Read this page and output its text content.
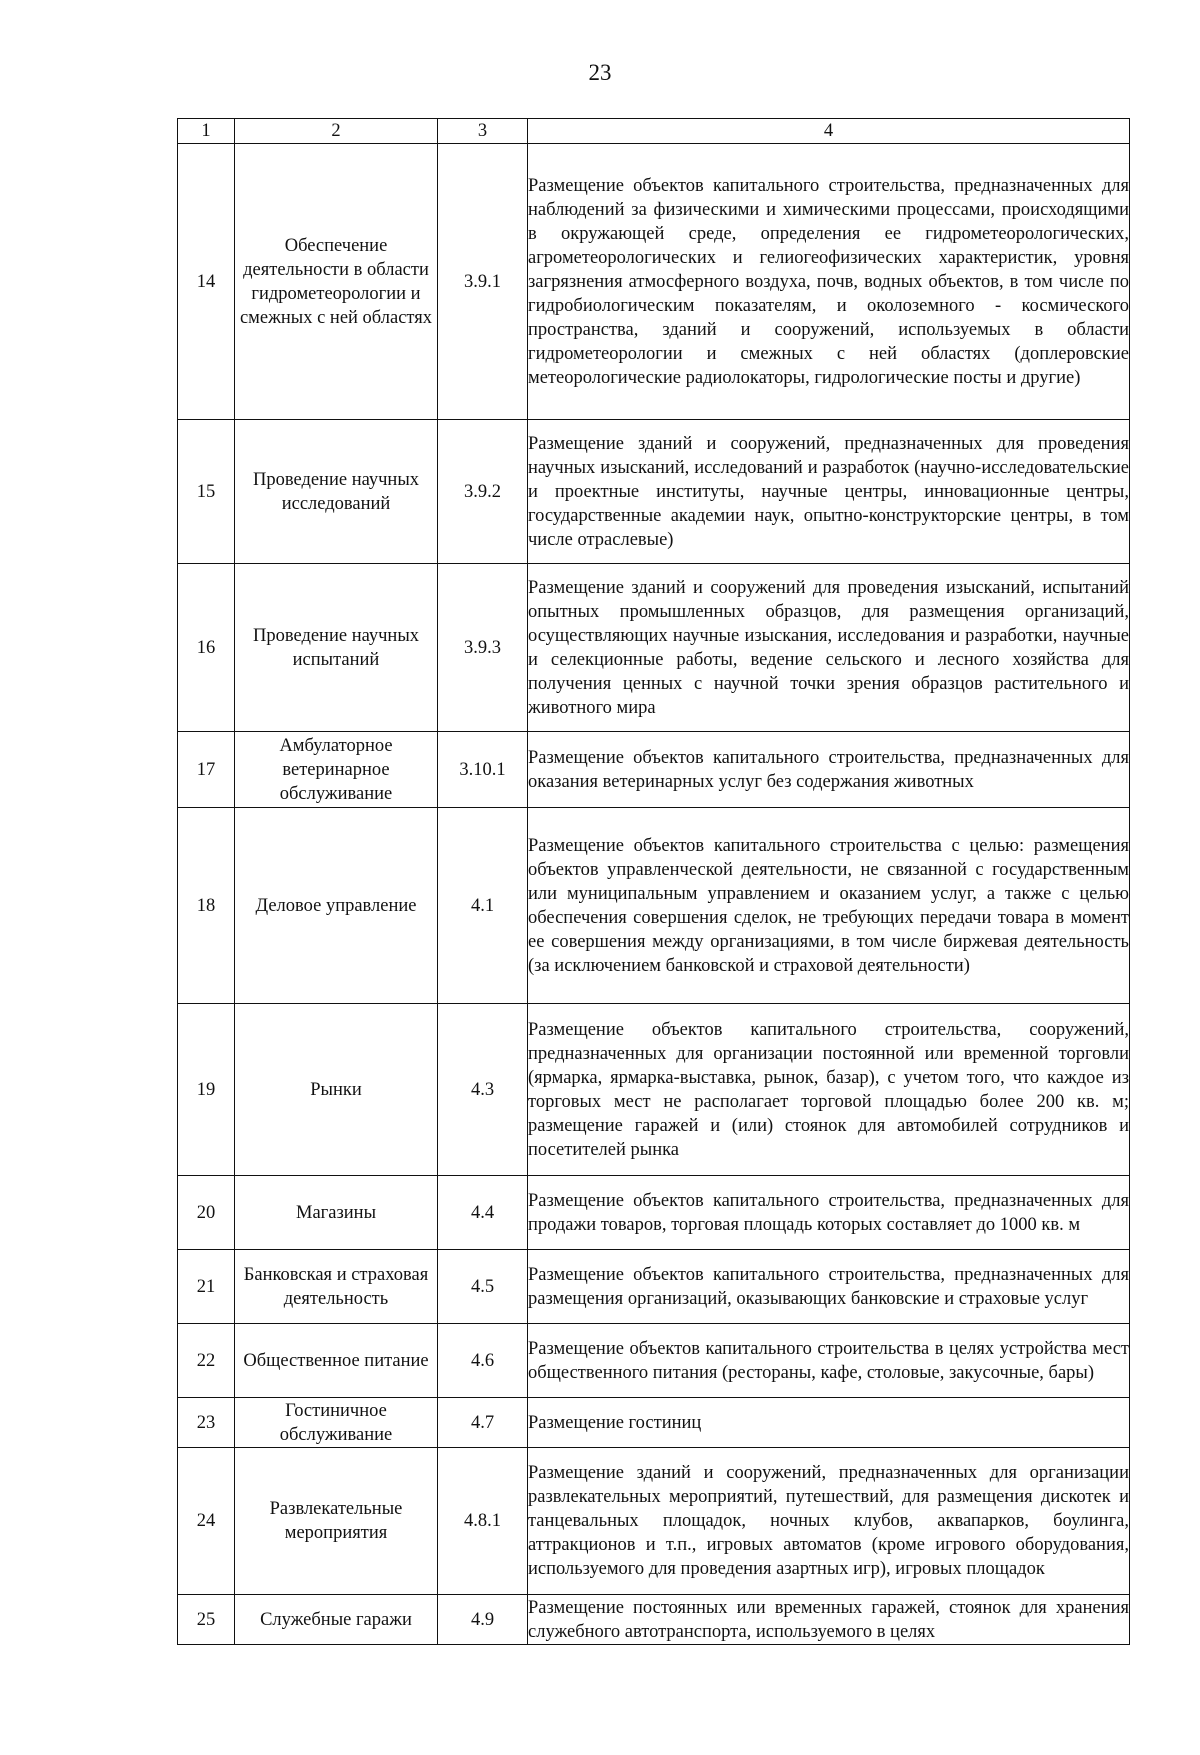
23
1	2	3	4
14	Обеспечение деятельности в области гидрометеорологии и смежных с ней областях	3.9.1	Размещение объектов капитального строительства, предназначенных для наблюдений за физическими и химическими процессами, происходящими в окружающей среде, определения ее гидрометеорологических, агрометеорологических и гелиогеофизических характеристик, уровня загрязнения атмосферного воздуха, почв, водных объектов, в том числе по гидробиологическим показателям, и околоземного - космического пространства, зданий и сооружений, используемых в области гидрометеорологии и смежных с ней областях (доплеровские метеорологические радиолокаторы, гидрологические посты и другие)
15	Проведение научных исследований	3.9.2	Размещение зданий и сооружений, предназначенных для проведения научных изысканий, исследований и разработок (научно-исследовательские и проектные институты, научные центры, инновационные центры, государственные академии наук, опытно-конструкторские центры, в том числе отраслевые)
16	Проведение научных испытаний	3.9.3	Размещение зданий и сооружений для проведения изысканий, испытаний опытных промышленных образцов, для размещения организаций, осуществляющих научные изыскания, исследования и разработки, научные и селекционные работы, ведение сельского и лесного хозяйства для получения ценных с научной точки зрения образцов растительного и животного мира
17	Амбулаторное ветеринарное обслуживание	3.10.1	Размещение объектов капитального строительства, предназначенных для оказания ветеринарных услуг без содержания животных
18	Деловое управление	4.1	Размещение объектов капитального строительства с целью: размещения объектов управленческой деятельности, не связанной с государственным или муниципальным управлением и оказанием услуг, а также с целью обеспечения совершения сделок, не требующих передачи товара в момент ее совершения между организациями, в том числе биржевая деятельность (за исключением банковской и страховой деятельности)
19	Рынки	4.3	Размещение объектов капитального строительства, сооружений, предназначенных для организации постоянной или временной торговли (ярмарка, ярмарка-выставка, рынок, базар), с учетом того, что каждое из торговых мест не располагает торговой площадью более 200 кв. м; размещение гаражей и (или) стоянок для автомобилей сотрудников и посетителей рынка
20	Магазины	4.4	Размещение объектов капитального строительства, предназначенных для продажи товаров, торговая площадь которых составляет до 1000 кв. м
21	Банковская и страховая деятельность	4.5	Размещение объектов капитального строительства, предназначенных для размещения организаций, оказывающих банковские и страховые услуг
22	Общественное питание	4.6	Размещение объектов капитального строительства в целях устройства мест общественного питания (рестораны, кафе, столовые, закусочные, бары)
23	Гостиничное обслуживание	4.7	Размещение гостиниц
24	Развлекательные мероприятия	4.8.1	Размещение зданий и сооружений, предназначенных для организации развлекательных мероприятий, путешествий, для размещения дискотек и танцевальных площадок, ночных клубов, аквапарков, боулинга, аттракционов и т.п., игровых автоматов (кроме игрового оборудования, используемого для проведения азартных игр), игровых площадок
25	Служебные гаражи	4.9	Размещение постоянных или временных гаражей, стоянок для хранения служебного автотранспорта, используемого в целях
